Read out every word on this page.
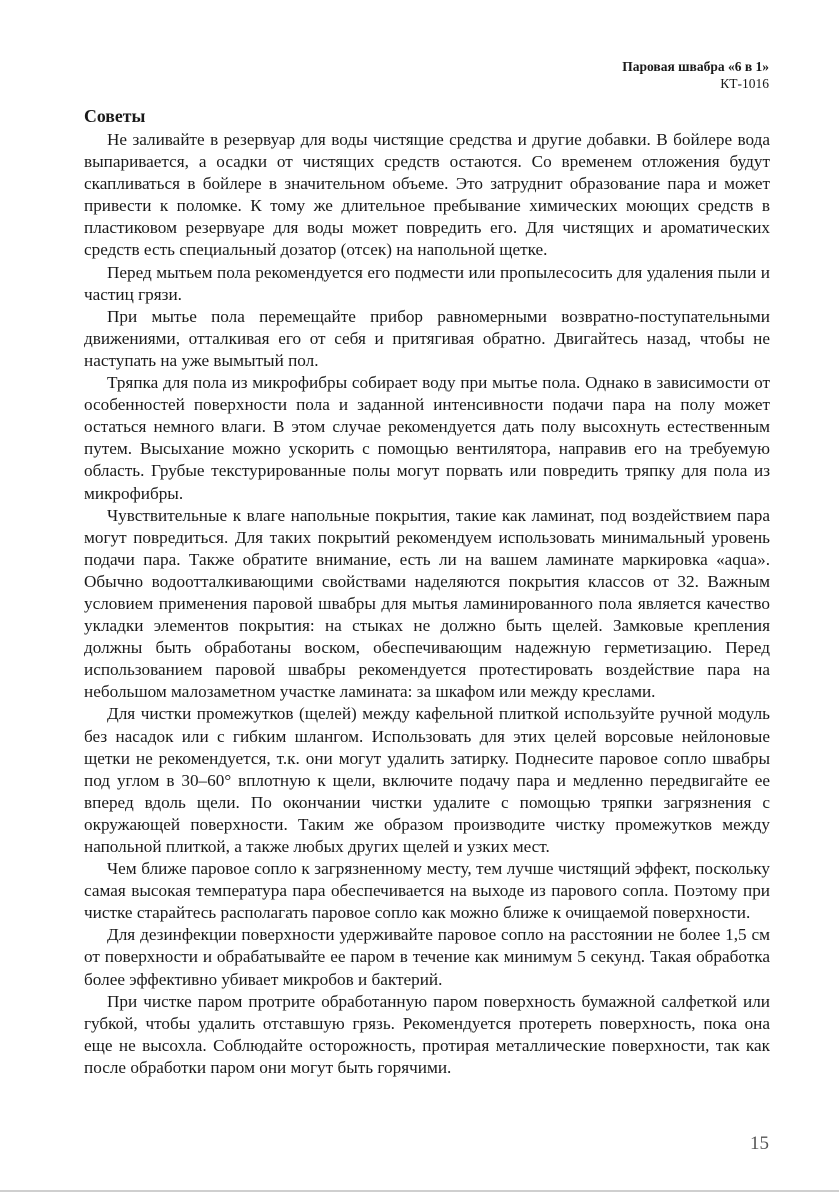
Паровая швабра «6 в 1»
КТ-1016
Советы

Не заливайте в резервуар для воды чистящие средства и другие добавки. В бойлере вода выпаривается, а осадки от чистящих средств остаются. Со временем отложения будут скапливаться в бойлере в значительном объеме. Это затруднит образование пара и может привести к поломке. К тому же длительное пребывание химических моющих средств в пластиковом резервуаре для воды может повредить его. Для чистящих и ароматических средств есть специальный дозатор (отсек) на напольной щетке.

Перед мытьем пола рекомендуется его подмести или пропылесосить для удаления пыли и частиц грязи.

При мытье пола перемещайте прибор равномерными возвратно-поступательными движениями, отталкивая его от себя и притягивая обратно. Двигайтесь назад, чтобы не наступать на уже вымытый пол.

Тряпка для пола из микрофибры собирает воду при мытье пола. Однако в зависимости от особенностей поверхности пола и заданной интенсивности подачи пара на полу может остаться немного влаги. В этом случае рекомендуется дать полу высохнуть естественным путем. Высыхание можно ускорить с помощью вентилятора, направив его на требуемую область. Грубые текстурированные полы могут порвать или повредить тряпку для пола из микрофибры.

Чувствительные к влаге напольные покрытия, такие как ламинат, под воздействием пара могут повредиться. Для таких покрытий рекомендуем использовать минимальный уровень подачи пара. Также обратите внимание, есть ли на вашем ламинате маркировка «aqua». Обычно водоотталкивающими свойствами наделяются покрытия классов от 32. Важным условием применения паровой швабры для мытья ламинированного пола является качество укладки элементов покрытия: на стыках не должно быть щелей. Замковые крепления должны быть обработаны воском, обеспечивающим надежную герметизацию. Перед использованием паровой швабры рекомендуется протестировать воздействие пара на небольшом малозаметном участке ламината: за шкафом или между креслами.

Для чистки промежутков (щелей) между кафельной плиткой используйте ручной модуль без насадок или с гибким шлангом. Использовать для этих целей ворсовые нейлоновые щетки не рекомендуется, т.к. они могут удалить затирку. Поднесите паровое сопло швабры под углом в 30–60° вплотную к щели, включите подачу пара и медленно передвигайте ее вперед вдоль щели. По окончании чистки удалите с помощью тряпки загрязнения с окружающей поверхности. Таким же образом производите чистку промежутков между напольной плиткой, а также любых других щелей и узких мест.

Чем ближе паровое сопло к загрязненному месту, тем лучше чистящий эффект, поскольку самая высокая температура пара обеспечивается на выходе из парового сопла. Поэтому при чистке старайтесь располагать паровое сопло как можно ближе к очищаемой поверхности.

Для дезинфекции поверхности удерживайте паровое сопло на расстоянии не более 1,5 см от поверхности и обрабатывайте ее паром в течение как минимум 5 секунд. Такая обработка более эффективно убивает микробов и бактерий.

При чистке паром протрите обработанную паром поверхность бумажной салфеткой или губкой, чтобы удалить отставшую грязь. Рекомендуется протереть поверхность, пока она еще не высохла. Соблюдайте осторожность, протирая металлические поверхности, так как после обработки паром они могут быть горячими.

15
